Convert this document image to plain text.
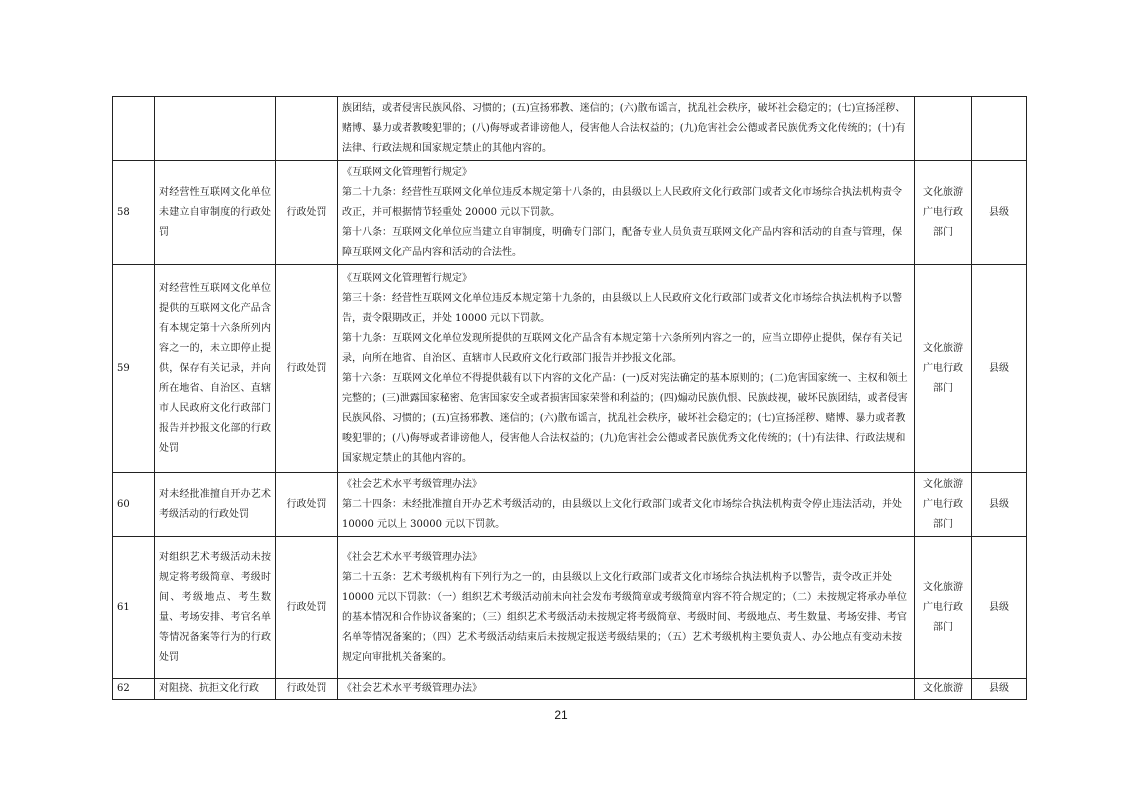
			族团结，或者侵害民族风俗、习惯的；(五)宣扬邪教、迷信的；(六)散布谣言，扰乱社会秩序，破坏社会稳定的；(七)宣扬淫秽、赌博、暴力或者教唆犯罪的；(八)侮辱或者诽谤他人，侵害他人合法权益的；(九)危害社会公德或者民族优秀文化传统的；(十)有法律、行政法规和国家规定禁止的其他内容的。		

58	对经营性互联网文化单位未建立自审制度的行政处罚	行政处罚	《互联网文化管理暂行规定》

第二十九条：经营性互联网文化单位违反本规定第十八条的，由县级以上人民政府文化行政部门或者文化市场综合执法机构责令改正，并可根据情节轻重处 20000 元以下罚款。

第十八条：互联网文化单位应当建立自审制度，明确专门部门，配备专业人员负责互联网文化产品内容和活动的自查与管理，保障互联网文化产品内容和活动的合法性。	文化旅游广电行政部门	县级
59	对经营性互联网文化单位提供的互联网文化产品含有本规定第十六条所列内容之一的，未立即停止提供，保存有关记录，并向所在地省、自治区、直辖市人民政府文化行政部门报告并抄报文化部的行政处罚	行政处罚	《互联网文化管理暂行规定》

第三十条：经营性互联网文化单位违反本规定第十九条的，由县级以上人民政府文化行政部门或者文化市场综合执法机构予以警告，责令限期改正，并处 10000 元以下罚款。

第十九条：互联网文化单位发现所提供的互联网文化产品含有本规定第十六条所列内容之一的，应当立即停止提供，保存有关记录，向所在地省、自治区、直辖市人民政府文化行政部门报告并抄报文化部。

第十六条：互联网文化单位不得提供载有以下内容的文化产品：(一)反对宪法确定的基本原则的；(二)危害国家统一、主权和领土完整的；(三)泄露国家秘密、危害国家安全或者损害国家荣誉和利益的；(四)煽动民族仇恨、民族歧视，破坏民族团结，或者侵害民族风俗、习惯的；(五)宣扬邪教、迷信的；(六)散布谣言，扰乱社会秩序，破坏社会稳定的；(七)宣扬淫秽、赌博、暴力或者教唆犯罪的；(八)侮辱或者诽谤他人，侵害他人合法权益的；(九)危害社会公德或者民族优秀文化传统的；(十)有法律、行政法规和国家规定禁止的其他内容的。	文化旅游广电行政部门	县级
60	对未经批准擅自开办艺术考级活动的行政处罚	行政处罚	《社会艺术水平考级管理办法》

第二十四条：未经批准擅自开办艺术考级活动的，由县级以上文化行政部门或者文化市场综合执法机构责令停止违法活动，并处 10000 元以上 30000 元以下罚款。	文化旅游广电行政部门	县级
61	对组织艺术考级活动未按规定将考级简章、考级时间、考级地点、考生数量、考场安排、考官名单等情况备案等行为的行政处罚	行政处罚	《社会艺术水平考级管理办法》

第二十五条：艺术考级机构有下列行为之一的，由县级以上文化行政部门或者文化市场综合执法机构予以警告，责令改正并处 10000 元以下罚款：（一）组织艺术考级活动前未向社会发布考级简章或考级简章内容不符合规定的；（二）未按规定将承办单位的基本情况和合作协议备案的；（三）组织艺术考级活动未按规定将考级简章、考级时间、考级地点、考生数量、考场安排、考官名单等情况备案的；（四）艺术考级活动结束后未按规定报送考级结果的；（五）艺术考级机构主要负责人、办公地点有变动未按规定向审批机关备案的。	文化旅游广电行政部门	县级
62	对阻挠、抗拒文化行政	行政处罚	《社会艺术水平考级管理办法》	文化旅游	县级
21
